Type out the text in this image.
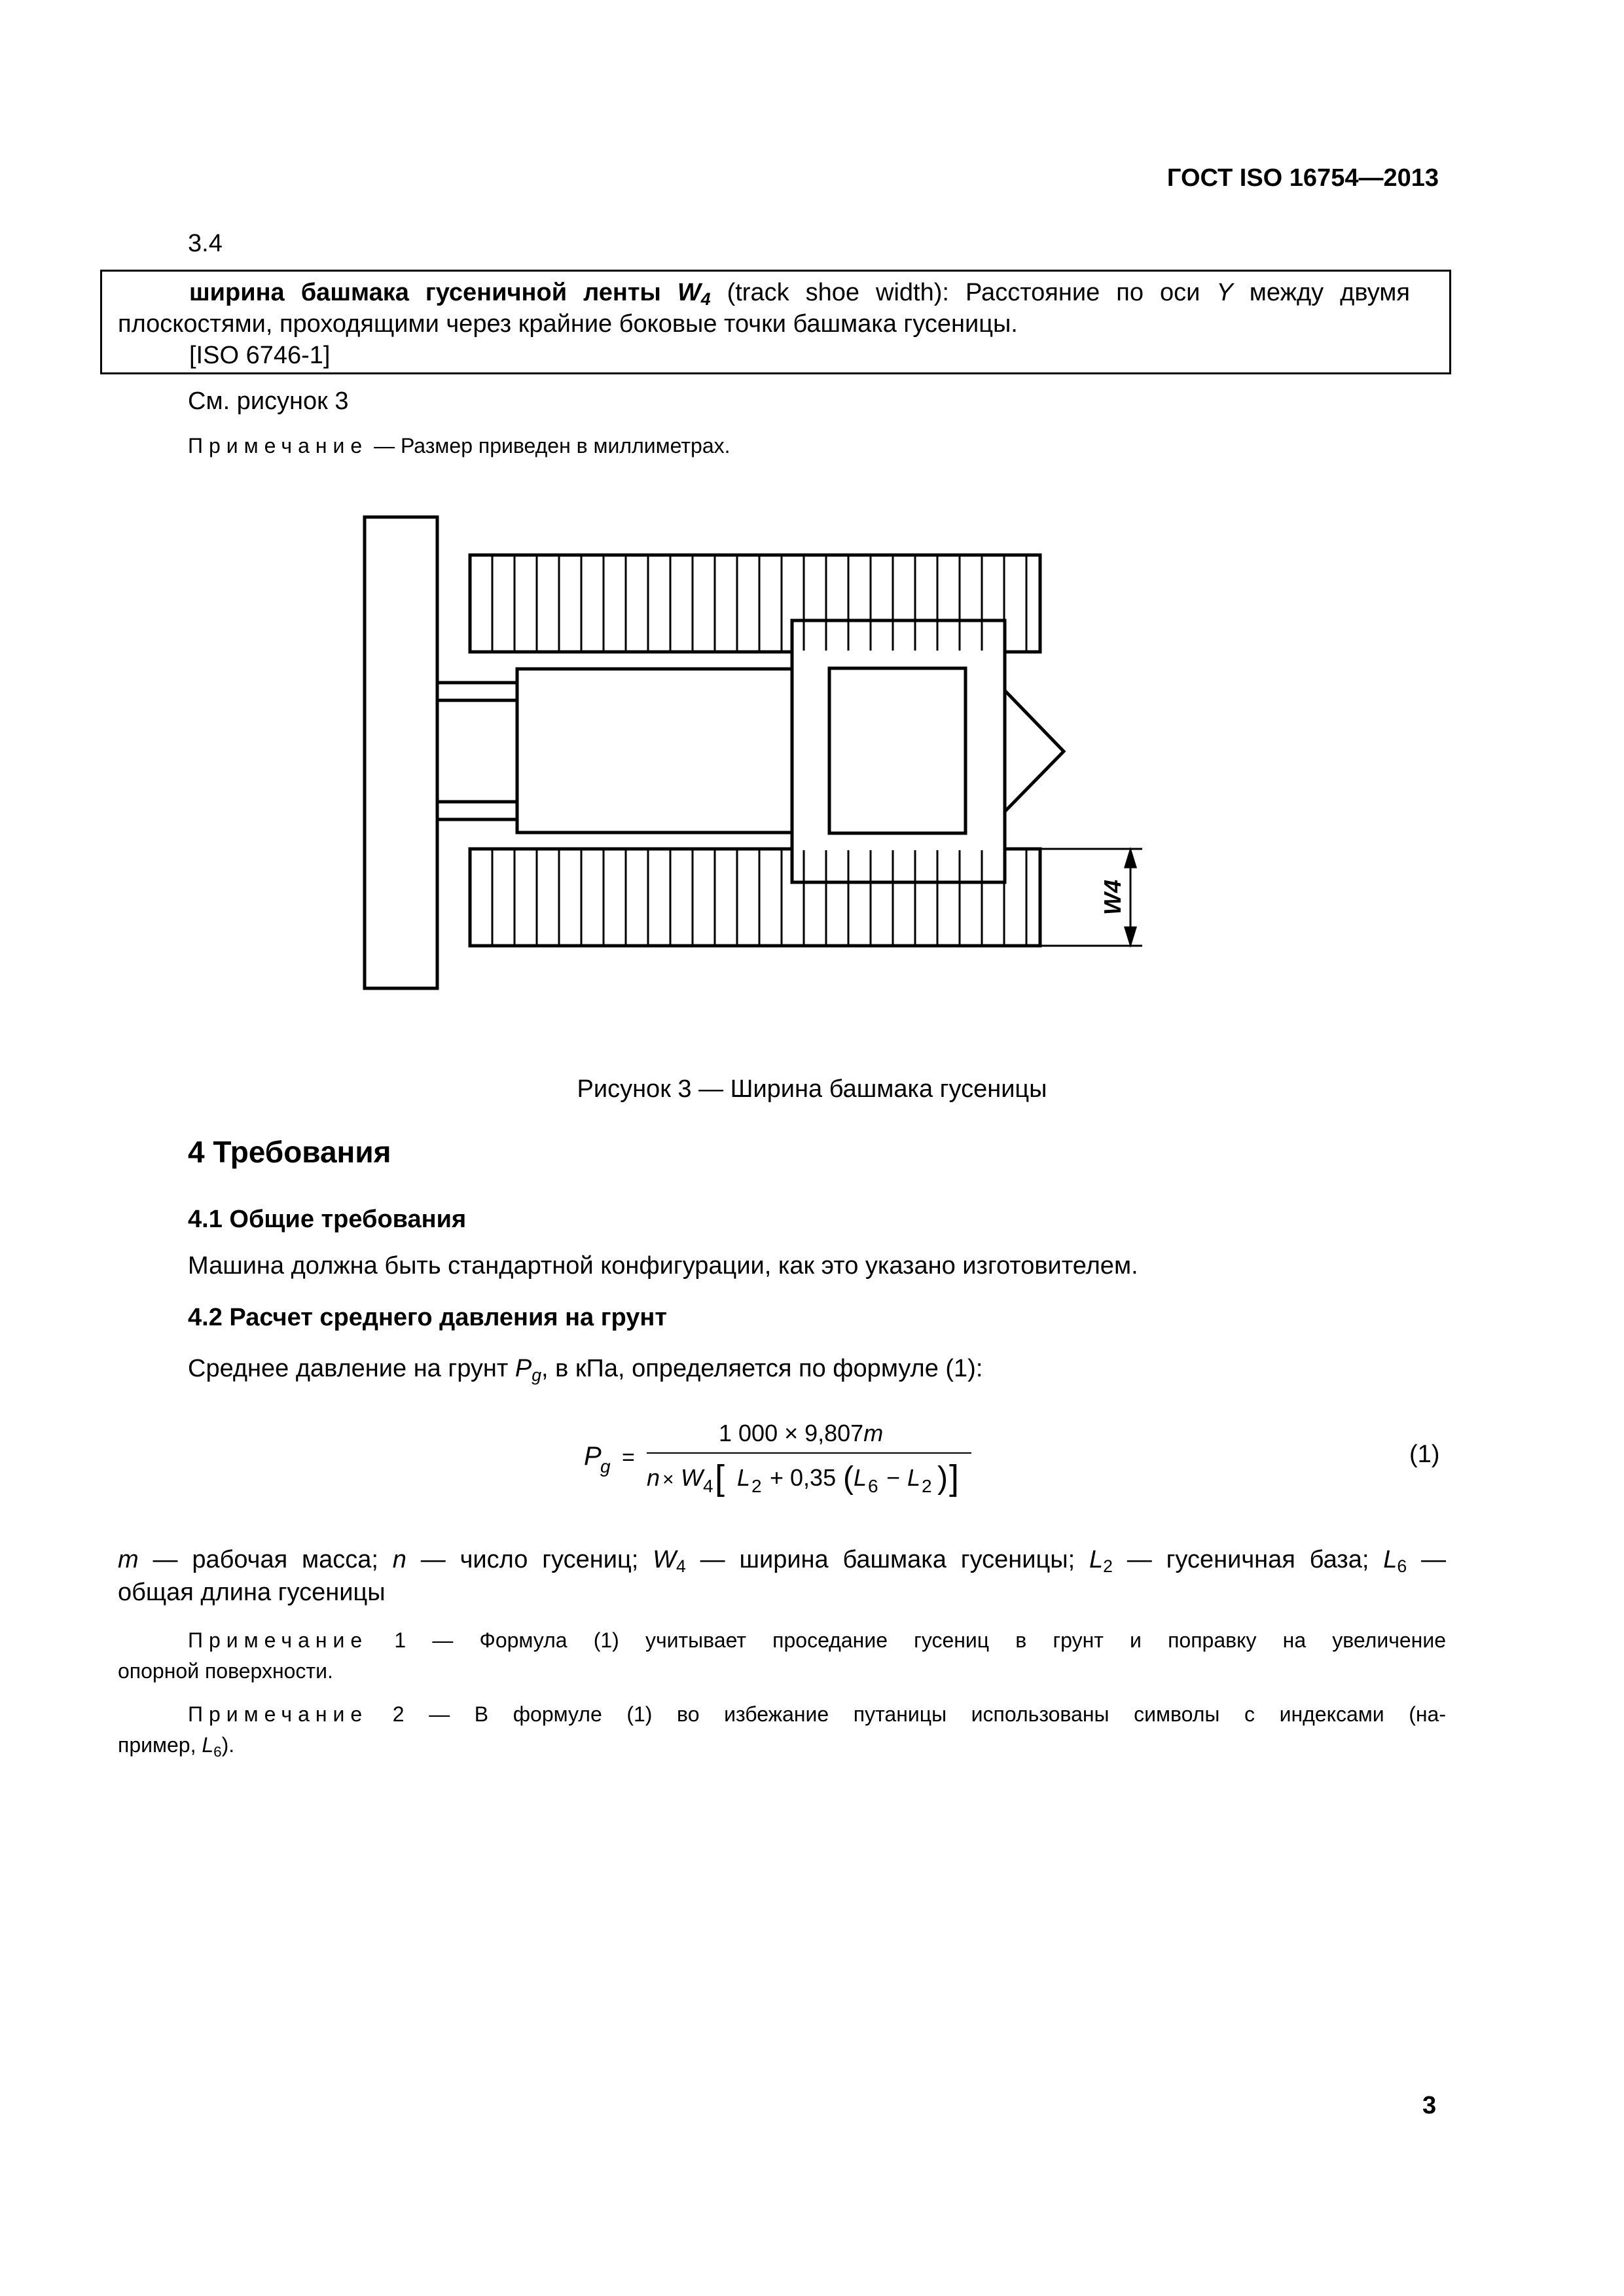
ГОСТ ISO 16754—2013
3.4
ширина башмака гусеничной ленты $W_4$ (track shoe width): Расстояние по оси Y между двумя
плоскостями, проходящими через крайние боковые точки башмака гусеницы.
[ISO 6746-1]
См. рисунок 3
Примечание — Размер приведен в миллиметрах.
W4
Рисунок 3 — Ширина башмака гусеницы
4 Требования
4.1 Общие требования
Машина должна быть стандартной конфигурации, как это указано изготовителем.
4.2 Расчет среднего давления на грунт
Среднее давление на грунт $P_g$, в кПа, определяется по формуле (1):
P
g =
1 000 × 9,807m
n × W 4 [ L 2 + 0,35 ( L 6 − L 2 ) ]
(1)
m — рабочая масса; n — число гусениц; $W_4$ — ширина башмака гусеницы; $L_2$ — гусеничная база; $L_6$ —
общая длина гусеницы
Примечание 1 — Формула (1) учитывает проседание гусениц в грунт и поправку на увеличение
опорной поверхности.
Примечание 2 — В формуле (1) во избежание путаницы использованы символы с индексами (на-
пример, $L_6$).
3
